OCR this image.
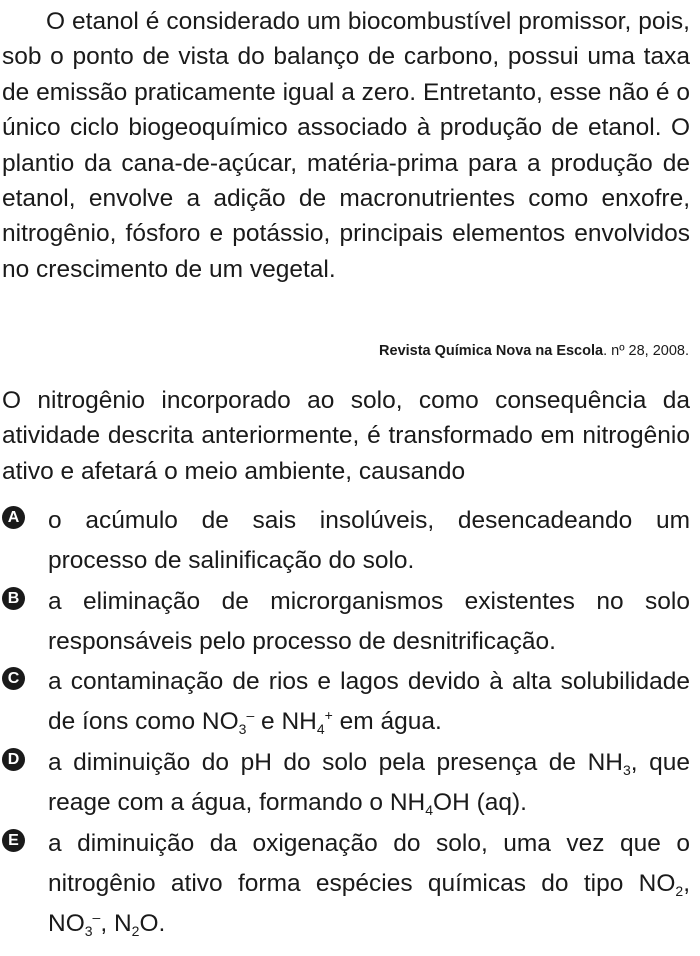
O etanol é considerado um biocombustível promissor, pois, sob o ponto de vista do balanço de carbono, possui uma taxa de emissão praticamente igual a zero. Entretanto, esse não é o único ciclo biogeoquímico associado à produção de etanol. O plantio da cana-de-açúcar, matéria-prima para a produção de etanol, envolve a adição de macronutrientes como enxofre, nitrogênio, fósforo e potássio, principais elementos envolvidos no crescimento de um vegetal.

Revista Química Nova na Escola. nº 28, 2008.

O nitrogênio incorporado ao solo, como consequência da atividade descrita anteriormente, é transformado em nitrogênio ativo e afetará o meio ambiente, causando

A o acúmulo de sais insolúveis, desencadeando um processo de salinificação do solo.

B a eliminação de microrganismos existentes no solo responsáveis pelo processo de desnitrificação.

C a contaminação de rios e lagos devido à alta solubilidade de íons como $NO_3^-$ e $NH_4^+$ em água.

D a diminuição do pH do solo pela presença de $NH_3$, que reage com a água, formando o $NH_4OH$ (aq).

E a diminuição da oxigenação do solo, uma vez que o nitrogênio ativo forma espécies químicas do tipo $NO_2$, $NO_3^-$, $N_2O$.
